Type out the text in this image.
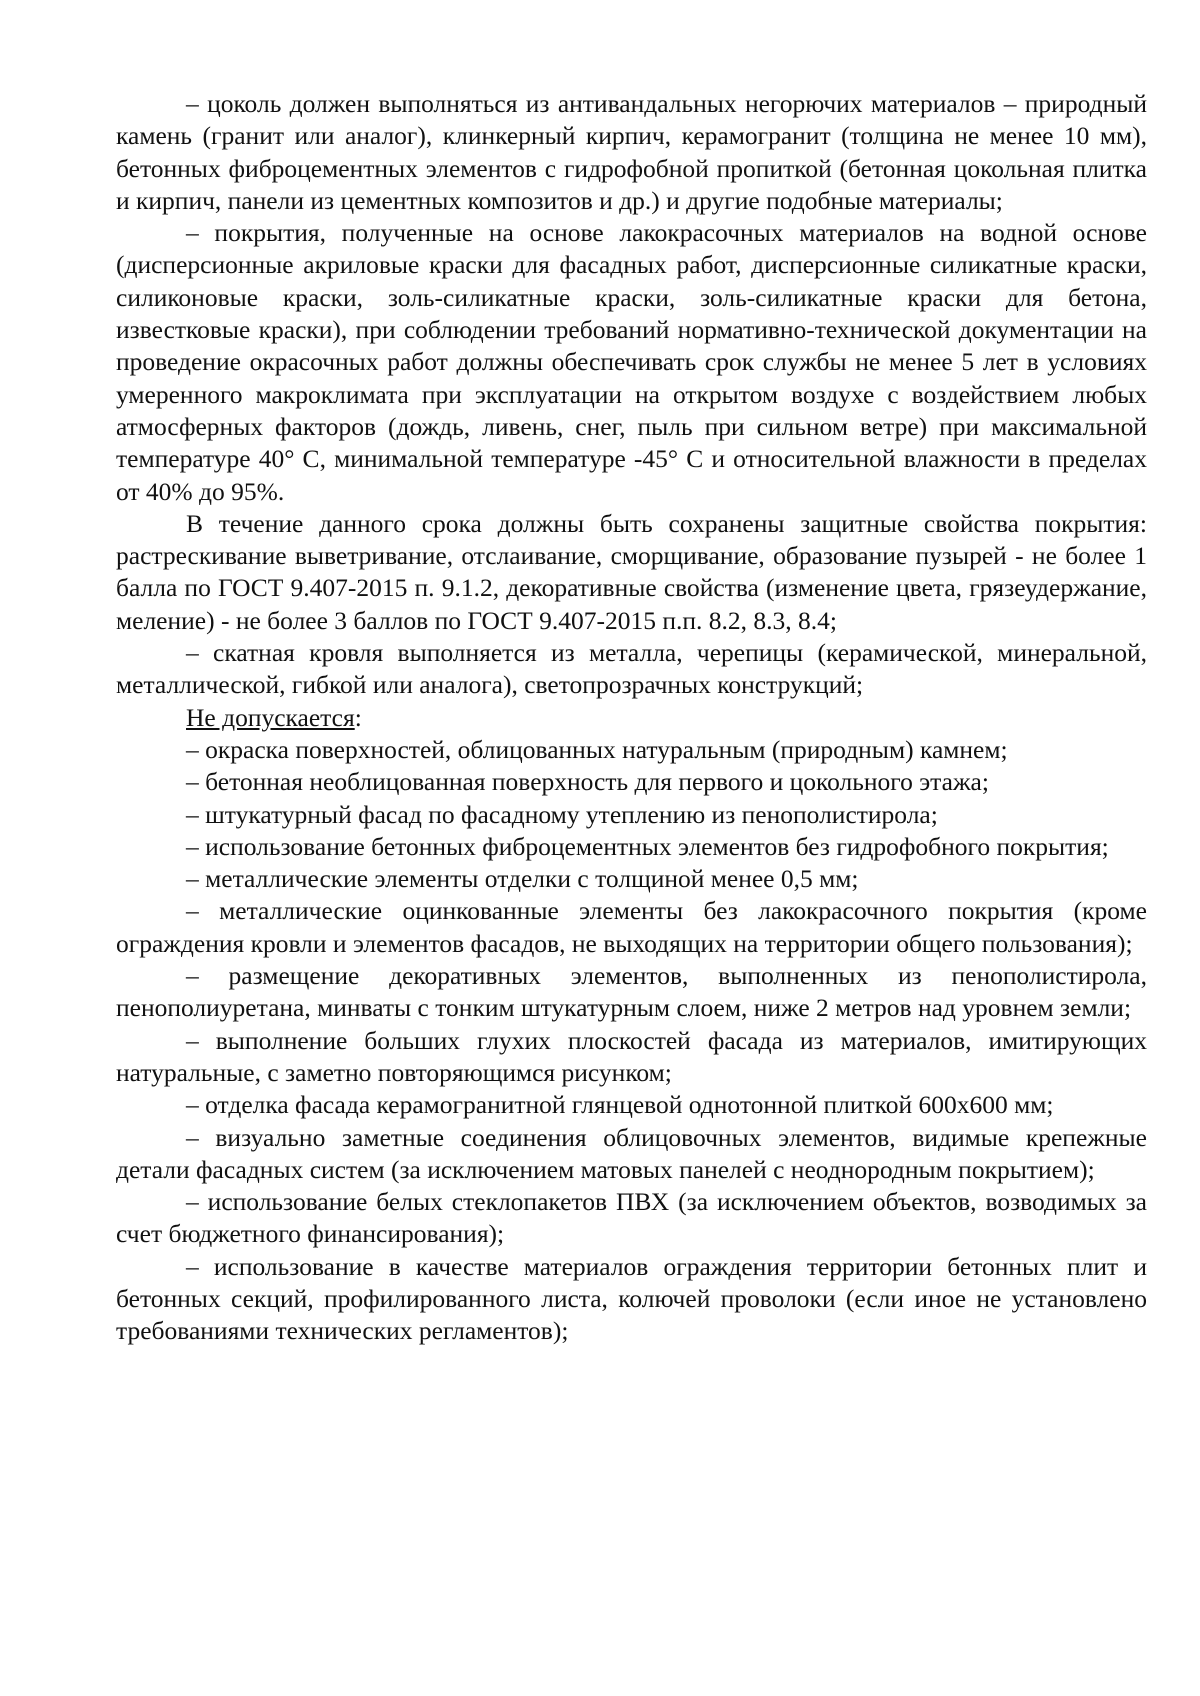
– цоколь должен выполняться из антивандальных негорючих материалов – природный камень (гранит или аналог), клинкерный кирпич, керамогранит (толщина не менее 10 мм), бетонных фиброцементных элементов с гидрофобной пропиткой (бетонная цокольная плитка и кирпич, панели из цементных композитов и др.) и другие подобные материалы;

– покрытия, полученные на основе лакокрасочных материалов на водной основе (дисперсионные акриловые краски для фасадных работ, дисперсионные силикатные краски, силиконовые краски, золь-силикатные краски, золь-силикатные краски для бетона, известковые краски), при соблюдении требований нормативно-технической документации на проведение окрасочных работ должны обеспечивать срок службы не менее 5 лет в условиях умеренного макроклимата при эксплуатации на открытом воздухе с воздействием любых атмосферных факторов (дождь, ливень, снег, пыль при сильном ветре) при максимальной температуре 40° С, минимальной температуре -45° С и относительной влажности в пределах от 40% до 95%.

В течение данного срока должны быть сохранены защитные свойства покрытия: растрескивание выветривание, отслаивание, сморщивание, образование пузырей - не более 1 балла по ГОСТ 9.407-2015 п. 9.1.2, декоративные свойства (изменение цвета, грязеудержание, меление) - не более 3 баллов по ГОСТ 9.407-2015 п.п. 8.2, 8.3, 8.4;

– скатная кровля выполняется из металла, черепицы (керамической, минеральной, металлической, гибкой или аналога), светопрозрачных конструкций;

Не допускается:

– окраска поверхностей, облицованных натуральным (природным) камнем;

– бетонная необлицованная поверхность для первого и цокольного этажа;

– штукатурный фасад по фасадному утеплению из пенополистирола;

– использование бетонных фиброцементных элементов без гидрофобного покрытия;

– металлические элементы отделки с толщиной менее 0,5 мм;

– металлические оцинкованные элементы без лакокрасочного покрытия (кроме ограждения кровли и элементов фасадов, не выходящих на территории общего пользования);

– размещение декоративных элементов, выполненных из пенополистирола, пенополиуретана, минваты с тонким штукатурным слоем, ниже 2 метров над уровнем земли;

– выполнение больших глухих плоскостей фасада из материалов, имитирующих натуральные, с заметно повторяющимся рисунком;

– отделка фасада керамогранитной глянцевой однотонной плиткой 600x600 мм;

– визуально заметные соединения облицовочных элементов, видимые крепежные детали фасадных систем (за исключением матовых панелей с неоднородным покрытием);

– использование белых стеклопакетов ПВХ (за исключением объектов, возводимых за счет бюджетного финансирования);

– использование в качестве материалов ограждения территории бетонных плит и бетонных секций, профилированного листа, колючей проволоки (если иное не установлено требованиями технических регламентов);
